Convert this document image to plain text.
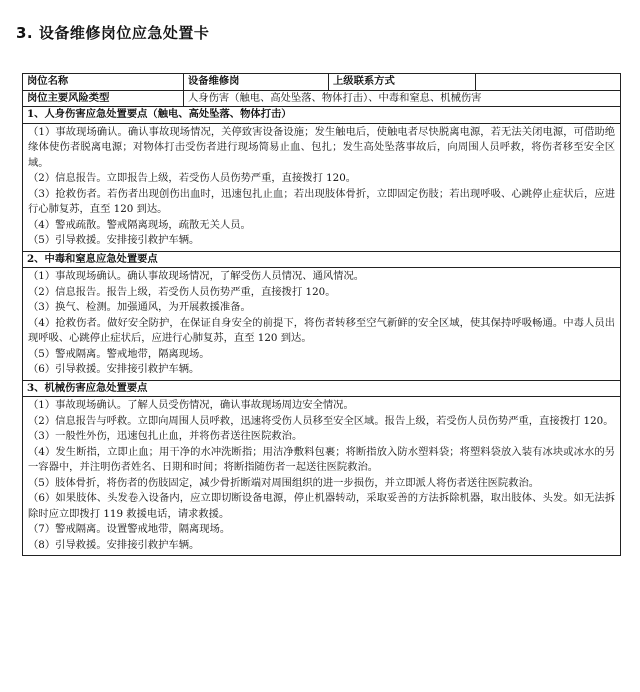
3. 设备维修岗位应急处置卡
岗位名称	设备维修岗	上级联系方式
岗位主要风险类型	人身伤害（触电、高处坠落、物体打击）、中毒和窒息、机械伤害
1、人身伤害应急处置要点（触电、高处坠落、物体打击）
（1）事故现场确认。确认事故现场情况，关停致害设备设施；发生触电后，使触电者尽快脱离电源，若无法关闭电源，可借助绝缘体使伤者脱离电源；对物体打击受伤者进行现场简易止血、包扎；发生高处坠落事故后，向周围人员呼救，将伤者移至安全区域。
（2）信息报告。立即报告上级，若受伤人员伤势严重，直接拨打 120。
（3）抢救伤者。若伤者出现创伤出血时，迅速包扎止血；若出现肢体骨折，立即固定伤肢；若出现呼吸、心跳停止症状后，应进行心肺复苏，直至 120 到达。
（4）警戒疏散。警戒隔离现场，疏散无关人员。
（5）引导救援。安排接引救护车辆。
2、中毒和窒息应急处置要点
（1）事故现场确认。确认事故现场情况，了解受伤人员情况、通风情况。
（2）信息报告。报告上级，若受伤人员伤势严重，直接拨打 120。
（3）换气、检测。加强通风，为开展救援准备。
（4）抢救伤者。做好安全防护，在保证自身安全的前提下，将伤者转移至空气新鲜的安全区域，使其保持呼吸畅通。中毒人员出现呼吸、心跳停止症状后，应进行心肺复苏，直至 120 到达。
（5）警戒隔离。警戒地带，隔离现场。
（6）引导救援。安排接引救护车辆。
3、机械伤害应急处置要点
（1）事故现场确认。了解人员受伤情况，确认事故现场周边安全情况。
（2）信息报告与呼救。立即向周围人员呼救，迅速将受伤人员移至安全区域。报告上级，若受伤人员伤势严重，直接拨打 120。
（3）一般性外伤，迅速包扎止血，并将伤者送往医院救治。
（4）发生断指，立即止血；用干净的水冲洗断指；用洁净敷料包裹；将断指放入防水塑料袋；将塑料袋放入装有冰块或冰水的另一容器中，并注明伤者姓名、日期和时间；将断指随伤者一起送往医院救治。
（5）肢体骨折，将伤者的伤肢固定，减少骨折断端对周围组织的进一步损伤，并立即派人将伤者送往医院救治。
（6）如果肢体、头发卷入设备内，应立即切断设备电源，停止机器转动，采取妥善的方法拆除机器，取出肢体、头发。如无法拆除时应立即拨打 119 救援电话，请求救援。
（7）警戒隔离。设置警戒地带，隔离现场。
（8）引导救援。安排接引救护车辆。
